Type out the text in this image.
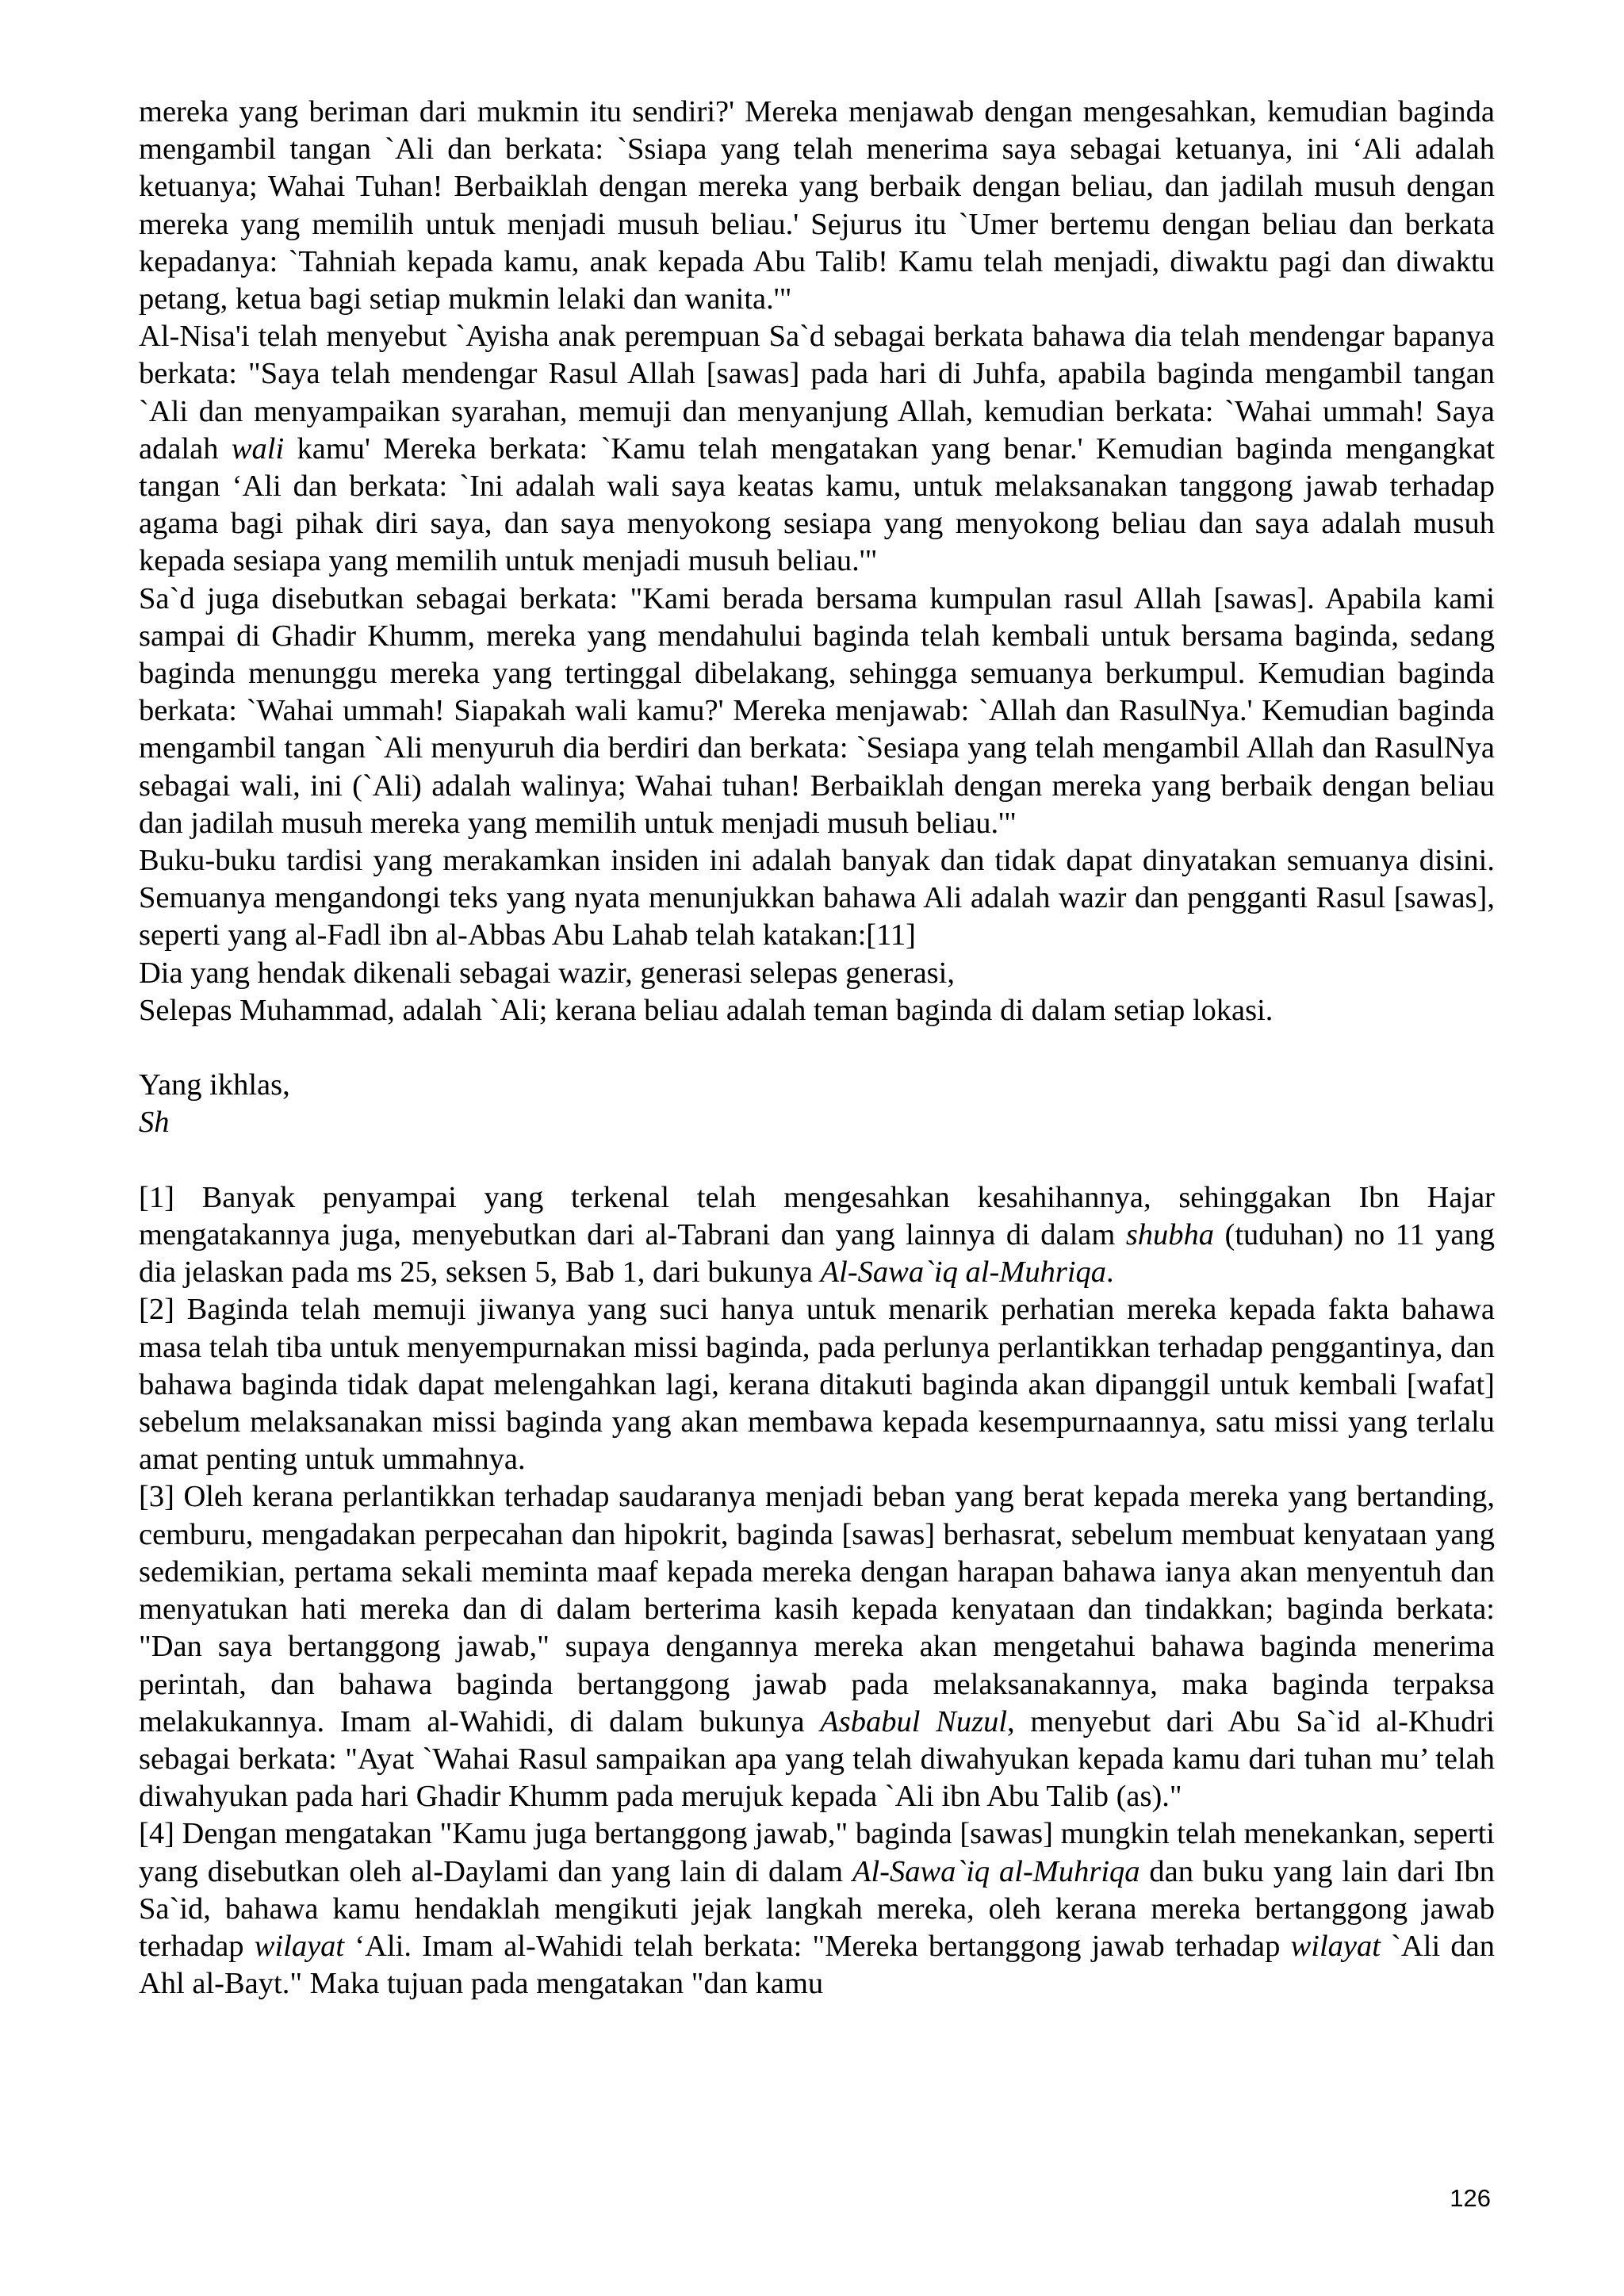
mereka yang beriman dari mukmin itu sendiri?' Mereka menjawab dengan mengesahkan, kemudian baginda mengambil tangan `Ali dan berkata: `Ssiapa yang telah menerima saya sebagai ketuanya, ini ‘Ali adalah ketuanya; Wahai Tuhan! Berbaiklah dengan mereka yang berbaik dengan beliau, dan jadilah musuh dengan mereka yang memilih untuk menjadi musuh beliau.' Sejurus itu `Umer bertemu dengan beliau dan berkata kepadanya: `Tahniah kepada kamu, anak kepada Abu Talib! Kamu telah menjadi, diwaktu pagi dan diwaktu petang, ketua bagi setiap mukmin lelaki dan wanita.'"

Al-Nisa'i telah menyebut `Ayisha anak perempuan Sa`d sebagai berkata bahawa dia telah mendengar bapanya berkata: "Saya telah mendengar Rasul Allah [sawas] pada hari di Juhfa, apabila baginda mengambil tangan `Ali dan menyampaikan syarahan, memuji dan menyanjung Allah, kemudian berkata: `Wahai ummah! Saya adalah wali kamu' Mereka berkata: `Kamu telah mengatakan yang benar.' Kemudian baginda mengangkat tangan ‘Ali dan berkata: `Ini adalah wali saya keatas kamu, untuk melaksanakan tanggong jawab terhadap agama bagi pihak diri saya, dan saya menyokong sesiapa yang menyokong beliau dan saya adalah musuh kepada sesiapa yang memilih untuk menjadi musuh beliau.'"

Sa`d juga disebutkan sebagai berkata: "Kami berada bersama kumpulan rasul Allah [sawas]. Apabila kami sampai di Ghadir Khumm, mereka yang mendahului baginda telah kembali untuk bersama baginda, sedang baginda menunggu mereka yang tertinggal dibelakang, sehingga semuanya berkumpul. Kemudian baginda berkata: `Wahai ummah! Siapakah wali kamu?' Mereka menjawab: `Allah dan RasulNya.' Kemudian baginda mengambil tangan `Ali menyuruh dia berdiri dan berkata: `Sesiapa yang telah mengambil Allah dan RasulNya sebagai wali, ini (`Ali) adalah walinya; Wahai tuhan! Berbaiklah dengan mereka yang berbaik dengan beliau dan jadilah musuh mereka yang memilih untuk menjadi musuh beliau.'"

Buku-buku tardisi yang merakamkan insiden ini adalah banyak dan tidak dapat dinyatakan semuanya disini. Semuanya mengandongi teks yang nyata menunjukkan bahawa Ali adalah wazir dan pengganti Rasul [sawas], seperti yang al-Fadl ibn al-Abbas Abu Lahab telah katakan:[11]

Dia yang hendak dikenali sebagai wazir, generasi selepas generasi,

Selepas Muhammad, adalah `Ali; kerana beliau adalah teman baginda di dalam setiap lokasi.

Yang ikhlas,

Sh

[1] Banyak penyampai yang terkenal telah mengesahkan kesahihannya, sehinggakan Ibn Hajar mengatakannya juga, menyebutkan dari al-Tabrani dan yang lainnya di dalam shubha (tuduhan) no 11 yang dia jelaskan pada ms 25, seksen 5, Bab 1, dari bukunya Al-Sawa`iq al-Muhriqa.

[2] Baginda telah memuji jiwanya yang suci hanya untuk menarik perhatian mereka kepada fakta bahawa masa telah tiba untuk menyempurnakan missi baginda, pada perlunya perlantikkan terhadap penggantinya, dan bahawa baginda tidak dapat melengahkan lagi, kerana ditakuti baginda akan dipanggil untuk kembali [wafat] sebelum melaksanakan missi baginda yang akan membawa kepada kesempurnaannya, satu missi yang terlalu amat penting untuk ummahnya.

[3] Oleh kerana perlantikkan terhadap saudaranya menjadi beban yang berat kepada mereka yang bertanding, cemburu, mengadakan perpecahan dan hipokrit, baginda [sawas] berhasrat, sebelum membuat kenyataan yang sedemikian, pertama sekali meminta maaf kepada mereka dengan harapan bahawa ianya akan menyentuh dan menyatukan hati mereka dan di dalam berterima kasih kepada kenyataan dan tindakkan; baginda berkata: "Dan saya bertanggong jawab," supaya dengannya mereka akan mengetahui bahawa baginda menerima perintah, dan bahawa baginda bertanggong jawab pada melaksanakannya, maka baginda terpaksa melakukannya. Imam al-Wahidi, di dalam bukunya Asbabul Nuzul, menyebut dari Abu Sa`id al-Khudri sebagai berkata: "Ayat `Wahai Rasul sampaikan apa yang telah diwahyukan kepada kamu dari tuhan mu’ telah diwahyukan pada hari Ghadir Khumm pada merujuk kepada `Ali ibn Abu Talib (as)."

[4] Dengan mengatakan "Kamu juga bertanggong jawab," baginda [sawas] mungkin telah menekankan, seperti yang disebutkan oleh al-Daylami dan yang lain di dalam Al-Sawa`iq al-Muhriqa dan buku yang lain dari Ibn Sa`id, bahawa kamu hendaklah mengikuti jejak langkah mereka, oleh kerana mereka bertanggong jawab terhadap wilayat ‘Ali. Imam al-Wahidi telah berkata: "Mereka bertanggong jawab terhadap wilayat `Ali dan Ahl al-Bayt." Maka tujuan pada mengatakan "dan kamu

126
